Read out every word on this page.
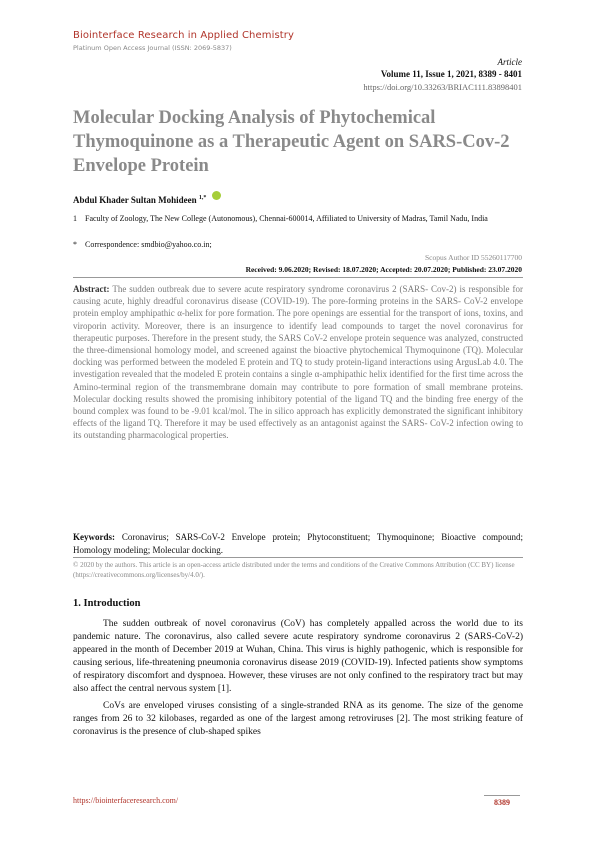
Biointerface Research in Applied Chemistry
Platinum Open Access Journal (ISSN: 2069-5837)
Article
Volume 11, Issue 1, 2021, 8389 - 8401
https://doi.org/10.33263/BRIAC111.83898401
Molecular Docking Analysis of Phytochemical Thymoquinone as a Therapeutic Agent on SARS-Cov-2 Envelope Protein
Abdul Khader Sultan Mohideen $^{1,*}$
1 Faculty of Zoology, The New College (Autonomous), Chennai-600014, Affiliated to University of Madras, Tamil Nadu, India
* Correspondence: smdbio@yahoo.co.in;
Scopus Author ID 55260117700
Received: 9.06.2020; Revised: 18.07.2020; Accepted: 20.07.2020; Published: 23.07.2020
Abstract: The sudden outbreak due to severe acute respiratory syndrome coronavirus 2 (SARS- Cov-2) is responsible for causing acute, highly dreadful coronavirus disease (COVID-19). The pore-forming proteins in the SARS- CoV-2 envelope protein employ amphipathic α-helix for pore formation. The pore openings are essential for the transport of ions, toxins, and viroporin activity. Moreover, there is an insurgence to identify lead compounds to target the novel coronavirus for therapeutic purposes. Therefore in the present study, the SARS CoV-2 envelope protein sequence was analyzed, constructed the three-dimensional homology model, and screened against the bioactive phytochemical Thymoquinone (TQ). Molecular docking was performed between the modeled E protein and TQ to study protein-ligand interactions using ArgusLab 4.0. The investigation revealed that the modeled E protein contains a single α-amphipathic helix identified for the first time across the Amino-terminal region of the transmembrane domain may contribute to pore formation of small membrane proteins. Molecular docking results showed the promising inhibitory potential of the ligand TQ and the binding free energy of the bound complex was found to be -9.01 kcal/mol. The in silico approach has explicitly demonstrated the significant inhibitory effects of the ligand TQ. Therefore it may be used effectively as an antagonist against the SARS- CoV-2 infection owing to its outstanding pharmacological properties.
Keywords: Coronavirus; SARS-CoV-2 Envelope protein; Phytoconstituent; Thymoquinone; Bioactive compound; Homology modeling; Molecular docking.
© 2020 by the authors. This article is an open-access article distributed under the terms and conditions of the Creative Commons Attribution (CC BY) license (https://creativecommons.org/licenses/by/4.0/).
1. Introduction

The sudden outbreak of novel coronavirus (CoV) has completely appalled across the world due to its pandemic nature. The coronavirus, also called severe acute respiratory syndrome coronavirus 2 (SARS-CoV-2) appeared in the month of December 2019 at Wuhan, China. This virus is highly pathogenic, which is responsible for causing serious, life-threatening pneumonia coronavirus disease 2019 (COVID-19). Infected patients show symptoms of respiratory discomfort and dyspnoea. However, these viruses are not only confined to the respiratory tract but may also affect the central nervous system [1].

CoVs are enveloped viruses consisting of a single-stranded RNA as its genome. The size of the genome ranges from 26 to 32 kilobases, regarded as one of the largest among retroviruses [2]. The most striking feature of coronavirus is the presence of club-shaped spikes

https://biointerfaceresearch.com/	8389
